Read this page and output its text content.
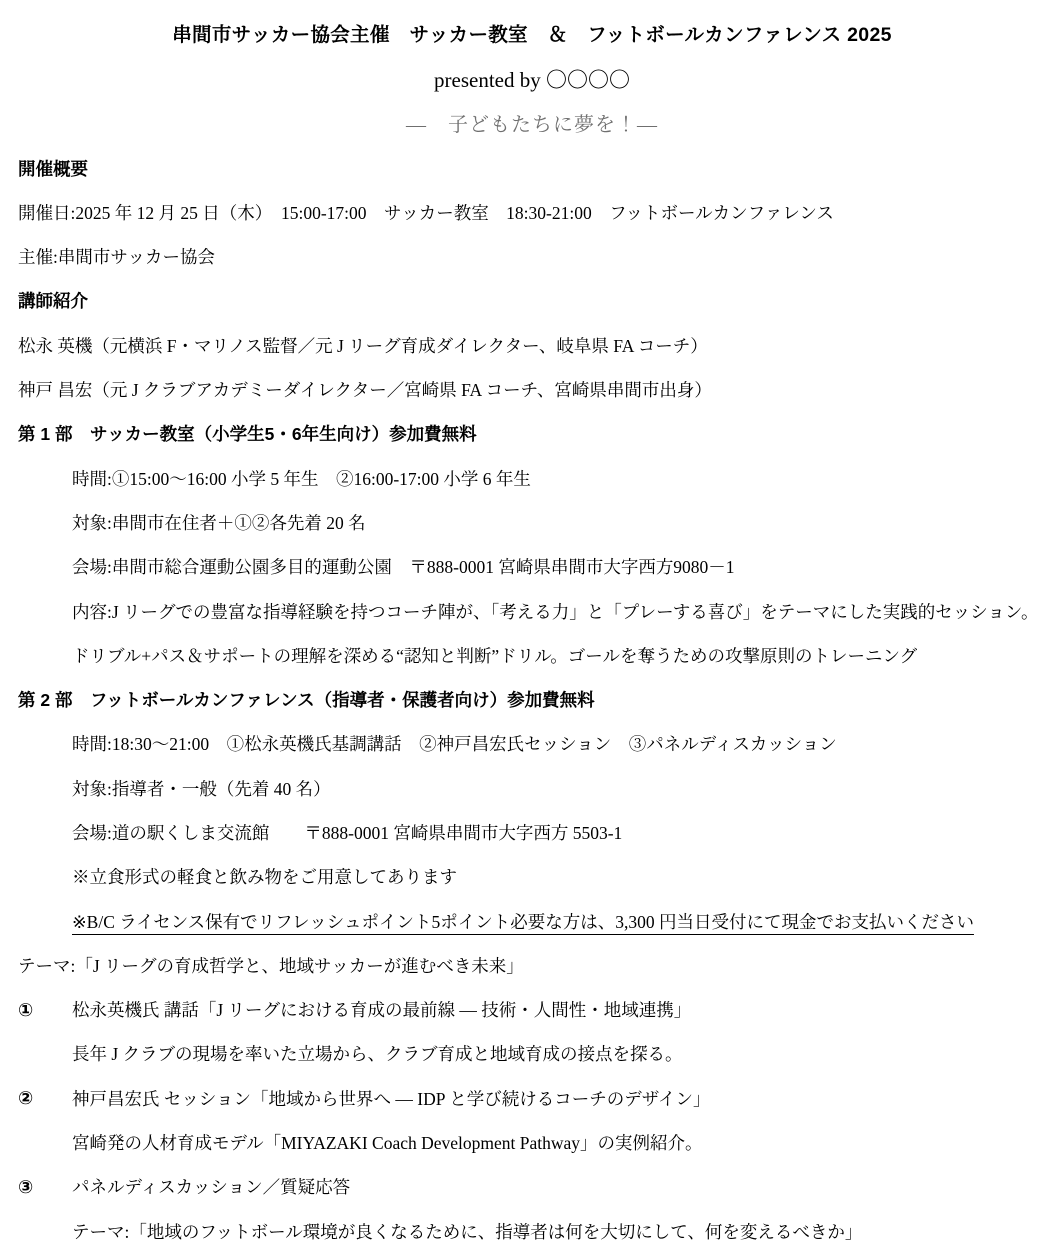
串間市サッカー協会主催　サッカー教室　＆　フットボールカンファレンス 2025
presented by 〇〇〇〇
―　子どもたちに夢を！―
開催概要
開催日:2025 年 12 月 25 日（木）　15:00-17:00　サッカー教室　18:30-21:00　フットボールカンファレンス
主催:串間市サッカー協会
講師紹介
松永 英機（元横浜 F・マリノス監督／元 J リーグ育成ダイレクター、岐阜県 FA コーチ）
神戸 昌宏（元 J クラブアカデミーダイレクター／宮崎県 FA コーチ、宮崎県串間市出身）
第 1 部　サッカー教室（小学生5・6年生向け）参加費無料
時間:①15:00～16:00 小学 5 年生　②16:00-17:00 小学 6 年生
対象:串間市在住者＋①②各先着 20 名
会場:串間市総合運動公園多目的運動公園　〒888-0001 宮崎県串間市大字西方9080－1
内容:J リーグでの豊富な指導経験を持つコーチ陣が、「考える力」と「プレーする喜び」をテーマにした実践的セッション。
ドリブル+パス＆サポートの理解を深める“認知と判断”ドリル。ゴールを奪うための攻撃原則のトレーニング
第 2 部　フットボールカンファレンス（指導者・保護者向け）参加費無料
時間:18:30～21:00　①松永英機氏基調講話　②神戸昌宏氏セッション　③パネルディスカッション
対象:指導者・一般（先着 40 名）
会場:道の駅くしま交流館　　〒888-0001 宮崎県串間市大字西方 5503-1
※立食形式の軽食と飲み物をご用意してあります
※B/C ライセンス保有でリフレッシュポイント5ポイント必要な方は、3,300 円当日受付にて現金でお支払いください
テーマ:「J リーグの育成哲学と、地域サッカーが進むべき未来」
①	松永英機氏 講話「J リーグにおける育成の最前線 ― 技術・人間性・地域連携」
長年 J クラブの現場を率いた立場から、クラブ育成と地域育成の接点を探る。
②	神戸昌宏氏 セッション「地域から世界へ ― IDP と学び続けるコーチのデザイン」
宮崎発の人材育成モデル「MIYAZAKI Coach Development Pathway」の実例紹介。
③	パネルディスカッション／質疑応答
テーマ:「地域のフットボール環境が良くなるために、指導者は何を大切にして、何を変えるべきか」
